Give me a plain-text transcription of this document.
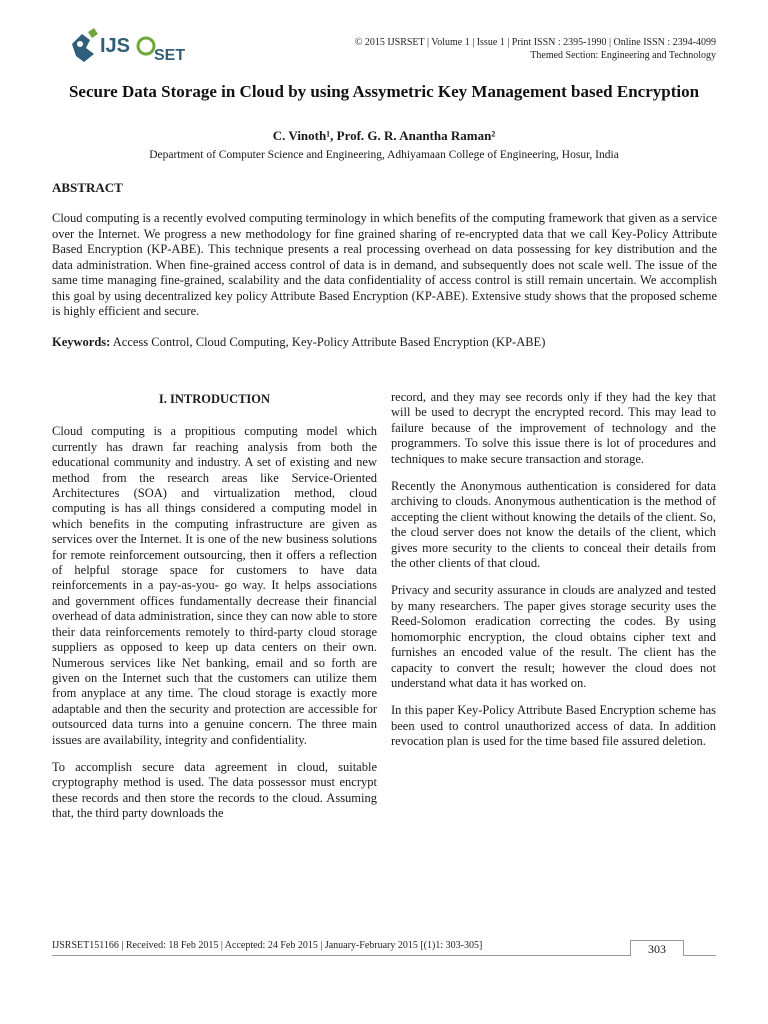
IJS SET
© 2015 IJSRSET | Volume 1 | Issue 1 | Print ISSN : 2395-1990 | Online ISSN : 2394-4099
Themed Section: Engineering and Technology
Secure Data Storage in Cloud by using Assymetric Key Management based Encryption
C. Vinoth¹, Prof. G. R. Anantha Raman²
Department of Computer Science and Engineering, Adhiyamaan College of Engineering, Hosur, India
ABSTRACT
Cloud computing is a recently evolved computing terminology in which benefits of the computing framework that given as a service over the Internet. We progress a new methodology for fine grained sharing of re-encrypted data that we call Key-Policy Attribute Based Encryption (KP-ABE). This technique presents a real processing overhead on data possessing for key distribution and the data administration. When fine-grained access control of data is in demand, and subsequently does not scale well. The issue of the same time managing fine-grained, scalability and the data confidentiality of access control is still remain uncertain. We accomplish this goal by using decentralized key policy Attribute Based Encryption (KP-ABE). Extensive study shows that the proposed scheme is highly efficient and secure.
Keywords: Access Control, Cloud Computing, Key-Policy Attribute Based Encryption (KP-ABE)
I. INTRODUCTION

Cloud computing is a propitious computing model which currently has drawn far reaching analysis from both the educational community and industry. A set of existing and new method from the research areas like Service-Oriented Architectures (SOA) and virtualization method, cloud computing is has all things considered a computing model in which benefits in the computing infrastructure are given as services over the Internet. It is one of the new business solutions for remote reinforcement outsourcing, then it offers a reflection of helpful storage space for customers to have data reinforcements in a pay-as-you- go way. It helps associations and government offices fundamentally decrease their financial overhead of data administration, since they can now able to store their data reinforcements remotely to third-party cloud storage suppliers as opposed to keep up data centers on their own. Numerous services like Net banking, email and so forth are given on the Internet such that the customers can utilize them from anyplace at any time. The cloud storage is exactly more adaptable and then the security and protection are accessible for outsourced data turns into a genuine concern. The three main issues are availability, integrity and confidentiality.

To accomplish secure data agreement in cloud, suitable cryptography method is used. The data possessor must encrypt these records and then store the records to the cloud. Assuming that, the third party downloads the

record, and they may see records only if they had the key that will be used to decrypt the encrypted record. This may lead to failure because of the improvement of technology and the programmers. To solve this issue there is lot of procedures and techniques to make secure transaction and storage.

Recently the Anonymous authentication is considered for data archiving to clouds. Anonymous authentication is the method of accepting the client without knowing the details of the client. So, the cloud server does not know the details of the client, which gives more security to the clients to conceal their details from the other clients of that cloud.

Privacy and security assurance in clouds are analyzed and tested by many researchers. The paper gives storage security uses the Reed-Solomon eradication correcting the codes. By using homomorphic encryption, the cloud obtains cipher text and furnishes an encoded value of the result. The client has the capacity to convert the result; however the cloud does not understand what data it has worked on.

In this paper Key-Policy Attribute Based Encryption scheme has been used to control unauthorized access of data. In addition revocation plan is used for the time based file assured deletion.

IJSRSET151166 | Received: 18 Feb 2015 | Accepted: 24 Feb 2015 | January-February 2015 [(1)1: 303-305]	303
